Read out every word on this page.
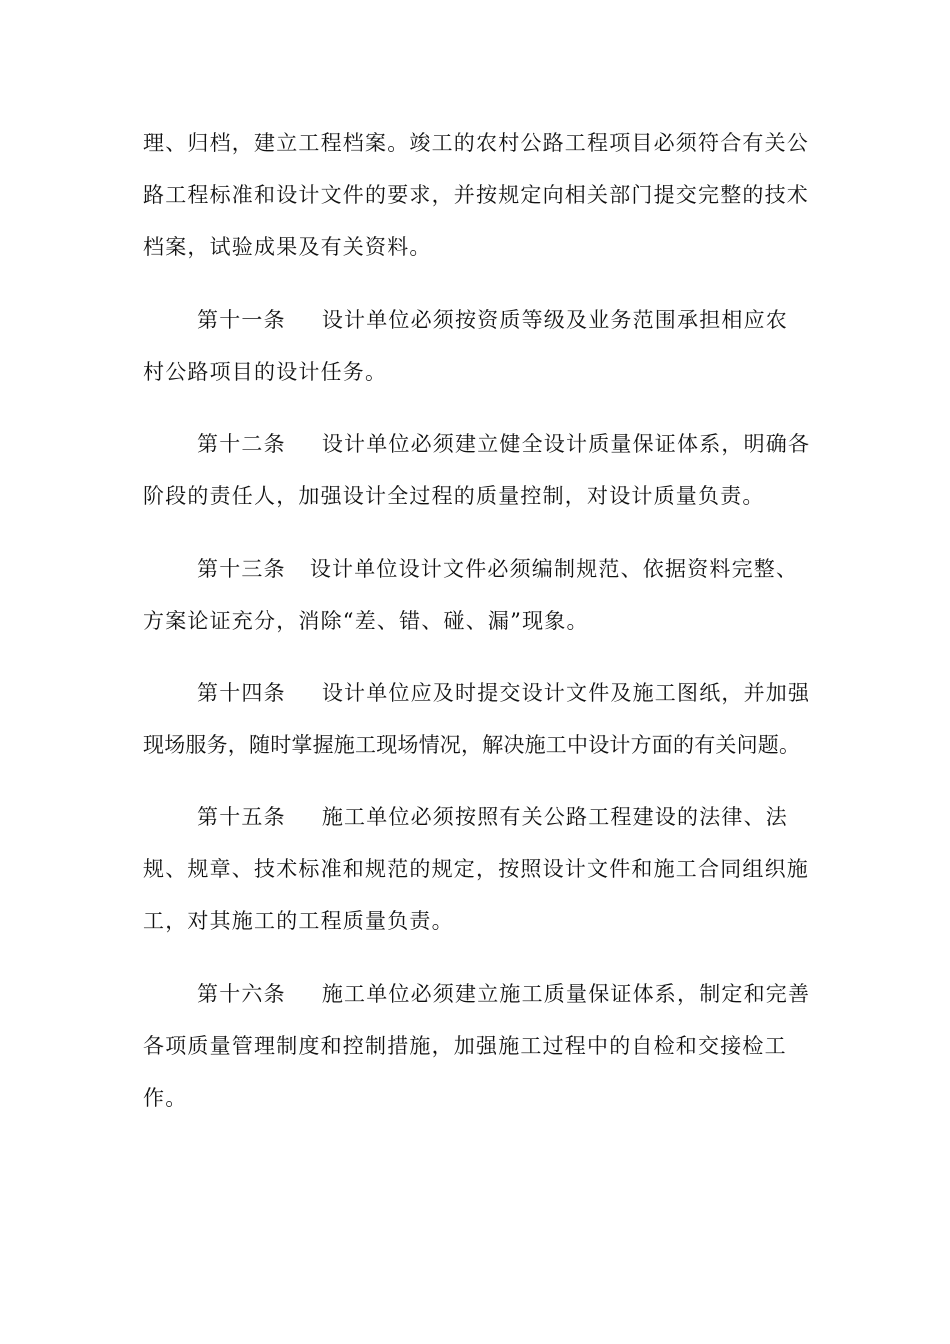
理、归档，建立工程档案。竣工的农村公路工程项目必须符合有关公
路工程标准和设计文件的要求，并按规定向相关部门提交完整的技术
档案，试验成果及有关资料。
第十一条 设计单位必须按资质等级及业务范围承担相应农
村公路项目的设计任务。
第十二条 设计单位必须建立健全设计质量保证体系，明确各
阶段的责任人，加强设计全过程的质量控制，对设计质量负责。
第十三条 设计单位设计文件必须编制规范、依据资料完整、
方案论证充分，消除“差、错、碰、漏”现象。
第十四条 设计单位应及时提交设计文件及施工图纸，并加强
现场服务，随时掌握施工现场情况，解决施工中设计方面的有关问题。
第十五条 施工单位必须按照有关公路工程建设的法律、法
规、规章、技术标准和规范的规定，按照设计文件和施工合同组织施
工，对其施工的工程质量负责。
第十六条 施工单位必须建立施工质量保证体系，制定和完善
各项质量管理制度和控制措施，加强施工过程中的自检和交接检工
作。
